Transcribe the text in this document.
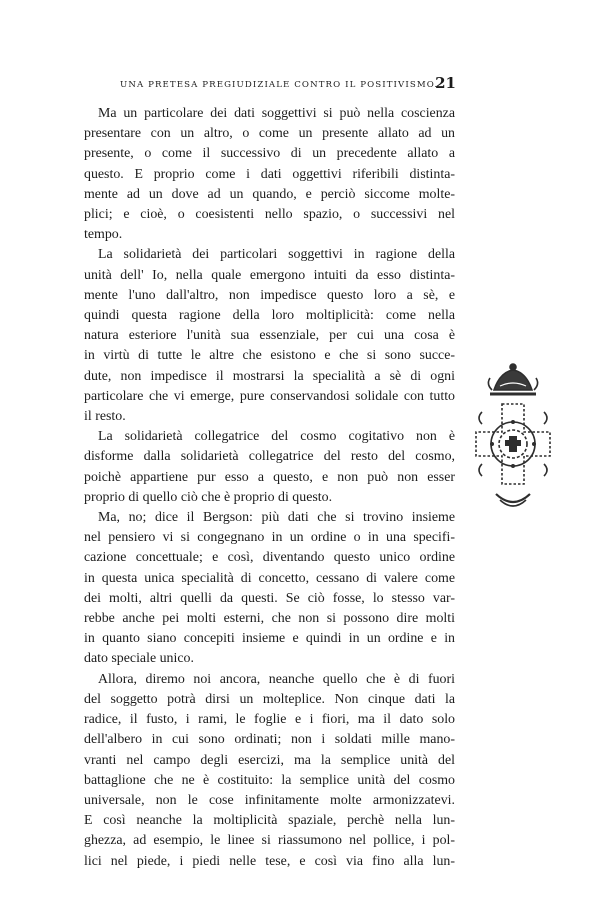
UNA PRETESA PREGIUDIZIALE CONTRO IL POSITIVISMO.
21
Ma un particolare dei dati soggettivi si può nella coscienza
presentare con un altro, o come un presente allato ad un
presente, o come il successivo di un precedente allato a
questo. E proprio come i dati oggettivi riferibili distinta-
mente ad un dove ad un quando, e perciò siccome molte-
plici; e cioè, o coesistenti nello spazio, o successivi nel
tempo.
La solidarietà dei particolari soggettivi in ragione della
unità dell' Io, nella quale emergono intuiti da esso distinta-
mente l'uno dall'altro, non impedisce questo loro a sè, e
quindi questa ragione della loro moltiplicità: come nella
natura esteriore l'unità sua essenziale, per cui una cosa è
in virtù di tutte le altre che esistono e che si sono succe-
dute, non impedisce il mostrarsi la specialità a sè di ogni
particolare che vi emerge, pure conservandosi solidale con tutto
il resto.
La solidarietà collegatrice del cosmo cogitativo non è
disforme dalla solidarietà collegatrice del resto del cosmo,
poichè appartiene pur esso a questo, e non può non esser
proprio di quello ciò che è proprio di questo.
Ma, no; dice il Bergson: più dati che si trovino insieme
nel pensiero vi si congegnano in un ordine o in una specifi-
cazione concettuale; e così, diventando questo unico ordine
in questa unica specialità di concetto, cessano di valere come
dei molti, altri quelli da questi. Se ciò fosse, lo stesso var-
rebbe anche pei molti esterni, che non si possono dire molti
in quanto siano concepiti insieme e quindi in un ordine e in
dato speciale unico.
Allora, diremo noi ancora, neanche quello che è di fuori
del soggetto potrà dirsi un molteplice. Non cinque dati la
radice, il fusto, i rami, le foglie e i fiori, ma il dato solo
dell'albero in cui sono ordinati; non i soldati mille mano-
vranti nel campo degli esercizi, ma la semplice unità del
battaglione che ne è costituito: la semplice unità del cosmo
universale, non le cose infinitamente molte armonizzatevi.
E così neanche la moltiplicità spaziale, perchè nella lun-
ghezza, ad esempio, le linee si riassumono nel pollice, i pol-
lici nel piede, i piedi nelle tese, e così via fino alla lun-
